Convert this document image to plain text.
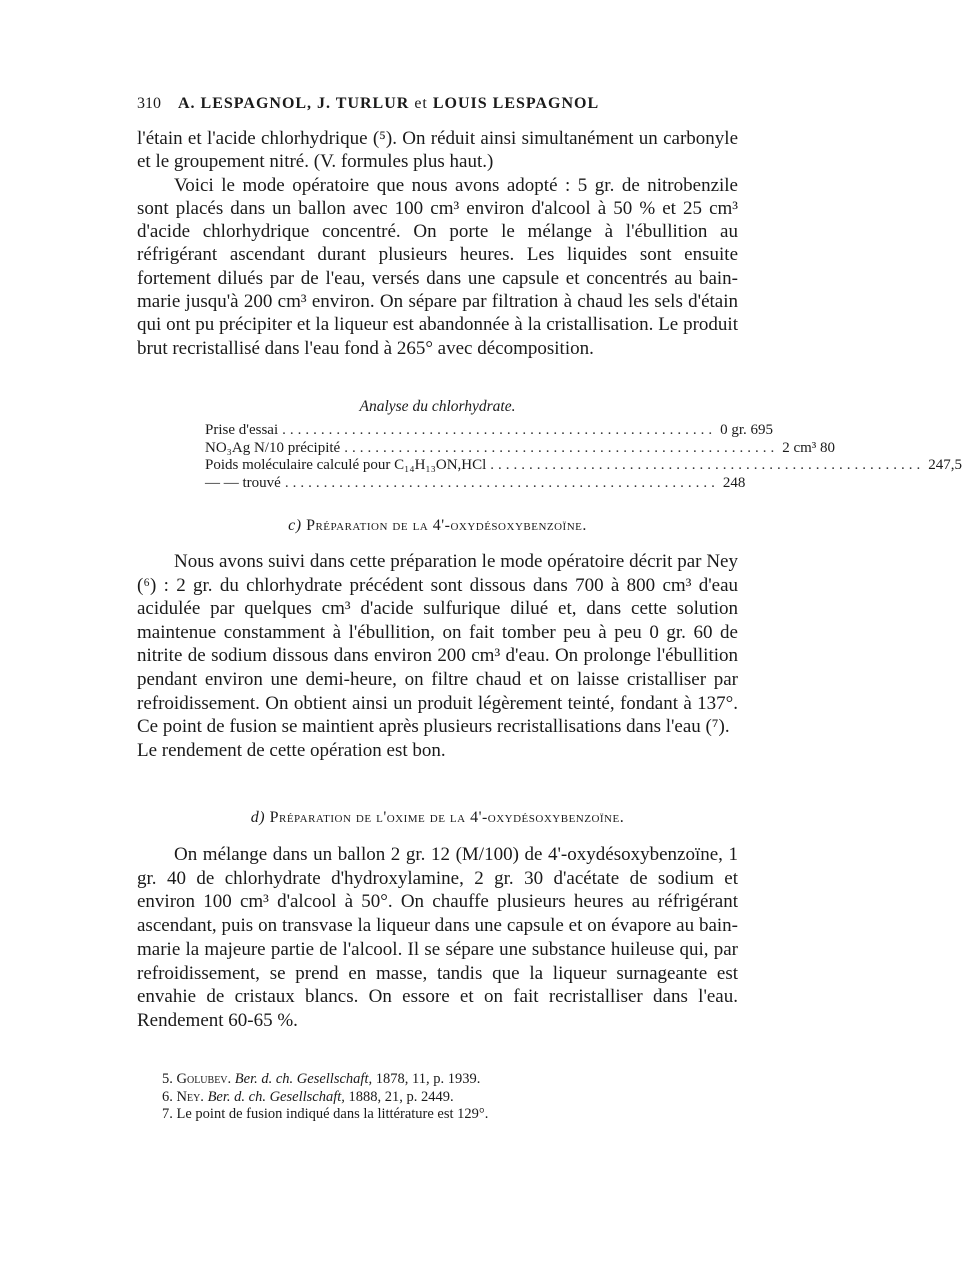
310 A. LESPAGNOL, J. TURLUR et LOUIS LESPAGNOL
l'étain et l'acide chlorhydrique (⁵). On réduit ainsi simultanément un carbonyle et le groupement nitré. (V. formules plus haut.)
Voici le mode opératoire que nous avons adopté : 5 gr. de nitrobenzile sont placés dans un ballon avec 100 cm³ environ d'alcool à 50 % et 25 cm³ d'acide chlorhydrique concentré. On porte le mélange à l'ébullition au réfrigérant ascendant durant plusieurs heures. Les liquides sont ensuite fortement dilués par de l'eau, versés dans une capsule et concentrés au bain-marie jusqu'à 200 cm³ environ. On sépare par filtration à chaud les sels d'étain qui ont pu précipiter et la liqueur est abandonnée à la cristallisation. Le produit brut recristallisé dans l'eau fond à 265° avec décomposition.
Analyse du chlorhydrate.
Prise d'essai ........................................................ 0 gr. 695
NO₃Ag N/10 précipité ........................................................ 2 cm³ 80
Poids moléculaire calculé pour C₁₄H₁₃ON,HCl ........................................................ 247,5
— — trouvé ........................................................ 248
c) Préparation de la 4'-oxydésoxybenzoïne.
Nous avons suivi dans cette préparation le mode opératoire décrit par Ney (⁶) : 2 gr. du chlorhydrate précédent sont dissous dans 700 à 800 cm³ d'eau acidulée par quelques cm³ d'acide sulfurique dilué et, dans cette solution maintenue constamment à l'ébullition, on fait tomber peu à peu 0 gr. 60 de nitrite de sodium dissous dans environ 200 cm³ d'eau. On prolonge l'ébullition pendant environ une demi-heure, on filtre chaud et on laisse cristalliser par refroidissement. On obtient ainsi un produit légèrement teinté, fondant à 137°. Ce point de fusion se maintient après plusieurs recristallisations dans l'eau (⁷).
Le rendement de cette opération est bon.
d) Préparation de l'oxime de la 4'-oxydésoxybenzoïne.
On mélange dans un ballon 2 gr. 12 (M/100) de 4'-oxydésoxybenzoïne, 1 gr. 40 de chlorhydrate d'hydroxylamine, 2 gr. 30 d'acétate de sodium et environ 100 cm³ d'alcool à 50°. On chauffe plusieurs heures au réfrigérant ascendant, puis on transvase la liqueur dans une capsule et on évapore au bain-marie la majeure partie de l'alcool. Il se sépare une substance huileuse qui, par refroidissement, se prend en masse, tandis que la liqueur surnageante est envahie de cristaux blancs. On essore et on fait recristalliser dans l'eau. Rendement 60-65 %.
5. Golubev. Ber. d. ch. Gesellschaft, 1878, 11, p. 1939.
6. Ney. Ber. d. ch. Gesellschaft, 1888, 21, p. 2449.
7. Le point de fusion indiqué dans la littérature est 129°.
